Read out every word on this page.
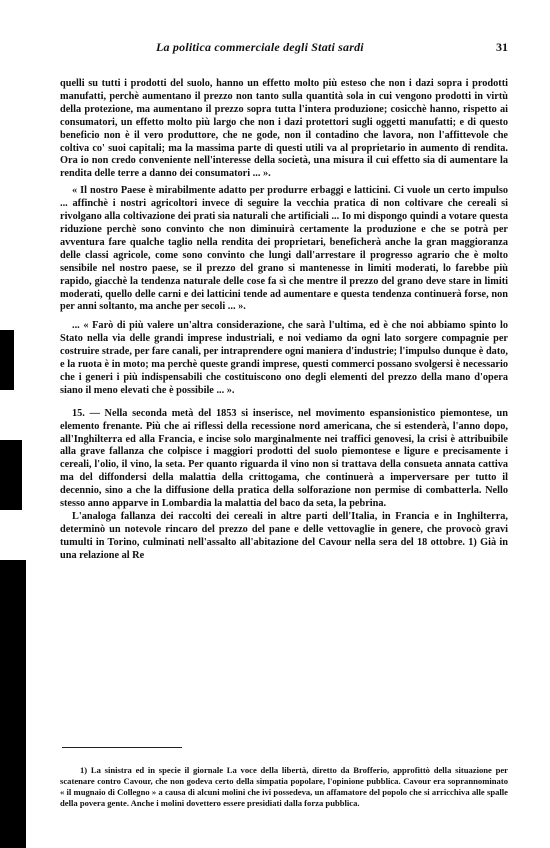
La politica commerciale degli Stati sardi	31

quelli su tutti i prodotti del suolo, hanno un effetto molto più esteso che non i dazi sopra i prodotti manufatti, perchè aumentano il prezzo non tanto sulla quantità sola in cui vengono prodotti in virtù della protezione, ma aumentano il prezzo sopra tutta l'intera produzione; cosicchè hanno, rispetto ai consumatori, un effetto molto più largo che non i dazi protettori sugli oggetti manufatti; e di questo beneficio non è il vero produttore, che ne gode, non il contadino che lavora, non l'affittevole che coltiva co' suoi capitali; ma la massima parte di questi utili va al proprietario in aumento di rendita. Ora io non credo conveniente nell'interesse della società, una misura il cui effetto sia di aumentare la rendita delle terre a danno dei consumatori ... ».

« Il nostro Paese è mirabilmente adatto per produrre erbaggi e latticini. Ci vuole un certo impulso ... affinchè i nostri agricoltori invece di seguire la vecchia pratica di non coltivare che cereali si rivolgano alla coltivazione dei prati sia naturali che artificiali ... Io mi dispongo quindi a votare questa riduzione perchè sono convinto che non diminuirà certamente la produzione e che se potrà per avventura fare qualche taglio nella rendita dei proprietari, beneficherà anche la gran maggioranza delle classi agricole, come sono convinto che lungi dall'arrestare il progresso agrario che è molto sensibile nel nostro paese, se il prezzo del grano si mantenesse in limiti moderati, lo farebbe più rapido, giacchè la tendenza naturale delle cose fa sì che mentre il prezzo del grano deve stare in limiti moderati, quello delle carni e dei latticini tende ad aumentare e questa tendenza continuerà forse, non per anni soltanto, ma anche per secoli ... ».

... « Farò di più valere un'altra considerazione, che sarà l'ultima, ed è che noi abbiamo spinto lo Stato nella via delle grandi imprese industriali, e noi vediamo da ogni lato sorgere compagnie per costruire strade, per fare canali, per intraprendere ogni maniera d'industrie; l'impulso dunque è dato, e la ruota è in moto; ma perchè queste grandi imprese, questi commerci possano svolgersi è necessario che i generi i più indispensabili che costituiscono ono degli elementi del prezzo della mano d'opera siano il meno elevati che è possibile ... ».

15. — Nella seconda metà del 1853 si inserisce, nel movimento espansionistico piemontese, un elemento frenante. Più che ai riflessi della recessione nord americana, che si estenderà, l'anno dopo, all'Inghilterra ed alla Francia, e incise solo marginalmente nei traffici genovesi, la crisi è attribuibile alla grave fallanza che colpisce i maggiori prodotti del suolo piemontese e ligure e precisamente i cereali, l'olio, il vino, la seta. Per quanto riguarda il vino non si trattava della consueta annata cattiva ma del diffondersi della malattia della crittogama, che continuerà a imperversare per tutto il decennio, sino a che la diffusione della pratica della solforazione non permise di combatterla. Nello stesso anno apparve in Lombardia la malattia del baco da seta, la pebrina.

L'analoga fallanza dei raccolti dei cereali in altre parti dell'Italia, in Francia e in Inghilterra, determinò un notevole rincaro del prezzo del pane e delle vettovaglie in genere, che provocò gravi tumulti in Torino, culminati nell'assalto all'abitazione del Cavour nella sera del 18 ottobre. 1) Già in una relazione al Re

1) La sinistra ed in specie il giornale La voce della libertà, diretto da Brofferio, approfittò della situazione per scatenare contro Cavour, che non godeva certo della simpatia popolare, l'opinione pubblica. Cavour era soprannominato « il mugnaio di Collegno » a causa di alcuni molini che ivi possedeva, un affamatore del popolo che si arricchiva alle spalle della povera gente. Anche i molini dovettero essere presidiati dalla forza pubblica.
